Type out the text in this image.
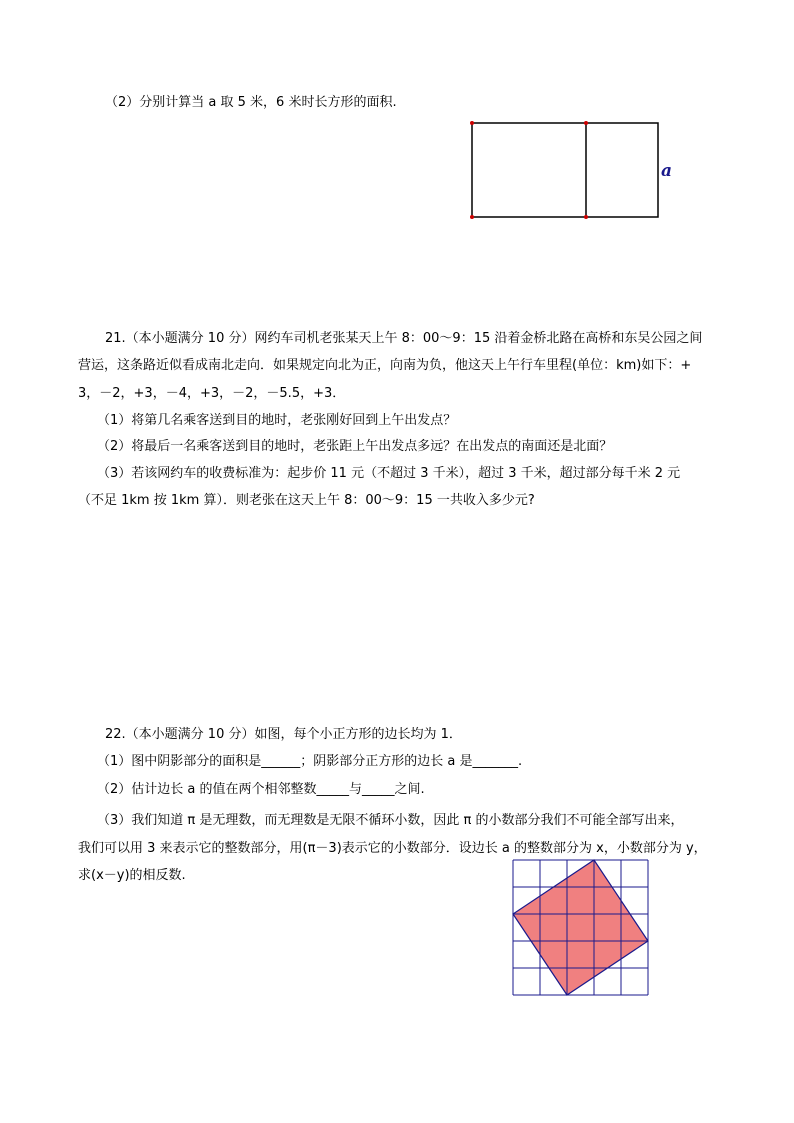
（2）分别计算当 a 取 5 米，6 米时长方形的面积.
a
21.（本小题满分 10 分）网约车司机老张某天上午 8：00～9：15 沿着金桥北路在高桥和东吴公园之间
营运，这条路近似看成南北走向．如果规定向北为正，向南为负，他这天上午行车里程(单位：km)如下：+
3，－2，+3，－4，+3，－2，－5.5，+3．
（1）将第几名乘客送到目的地时，老张刚好回到上午出发点？
（2）将最后一名乘客送到目的地时，老张距上午出发点多远？在出发点的南面还是北面？
（3）若该网约车的收费标准为：起步价 11 元（不超过 3 千米），超过 3 千米，超过部分每千米 2 元
（不足 1km 按 1km 算）．则老张在这天上午 8：00～9：15 一共收入多少元?
22.（本小题满分 10 分）如图，每个小正方形的边长均为 1．
（1）图中阴影部分的面积是______；阴影部分正方形的边长 a 是_______.
（2）估计边长 a 的值在两个相邻整数_____与_____之间.
（3）我们知道 π 是无理数，而无理数是无限不循环小数，因此 π 的小数部分我们不可能全部写出来，
我们可以用 3 来表示它的整数部分，用(π－3)表示它的小数部分．设边长 a 的整数部分为 x，小数部分为 y，
求(x－y)的相反数.
